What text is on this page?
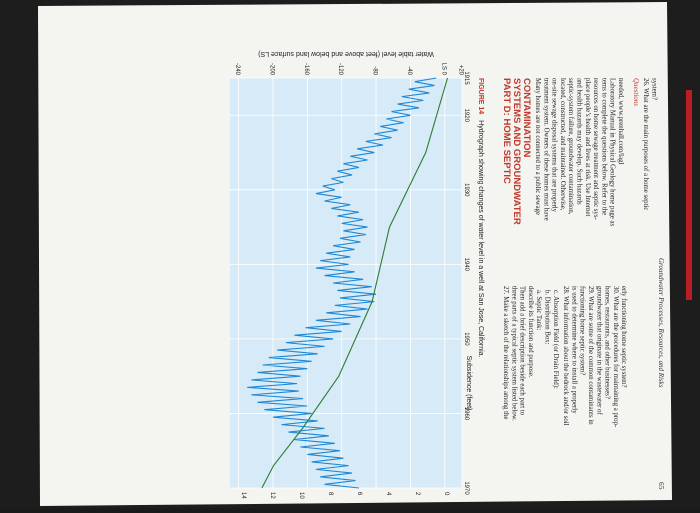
Groundwater Processes, Resources, and Risks
65
+20
LS 0
-40
-80
-120
-160
-200
-240
0
2
4
6
8
10
12
14
1915
1920
1930
1940
1950
1960
1970
Water table level (feet above and below land surface LS)
Subsidence (feet)
FIGURE 14 Hydrograph showing changes of water level in a well at San Jose, California. PART D: HOME SEPTIC SYSTEMS AND GROUNDWATER CONTAMINATION Many homes are not connected to a public sewage treatment system. Owners of these homes must have on-site sewage disposal systems that are properly located, constructed, and maintained. Otherwise, septic-system failure, groundwater contamination, and health hazards may develop. Such hazards place people’s health and lives at risk. Use Internet resources on home sewage treatment and septic sys- tems to complete the questions below. Refer to the Laboratory Manual in Physical Geology home page as needed, www.prenhall.com/lagl Questions 26. What are the main purposes of a home septic system?
27. Make a sketch of the relationships among the three parts of a typical septic system listed below. Then add a brief description beside each part to describe its function and purpose. a. Septic Tank: b. Distribution Box: c. Absorption Field (or Drain Field): 28. What information about the bedrock and/or soil is used to determine where to install a properly functioning home septic system? 29. What are some of the common contaminants in groundwater that originate in the wastewater of homes, restaurants, and other businesses? 30. What are the procedures for maintaining a prop- erly functioning home septic system?
